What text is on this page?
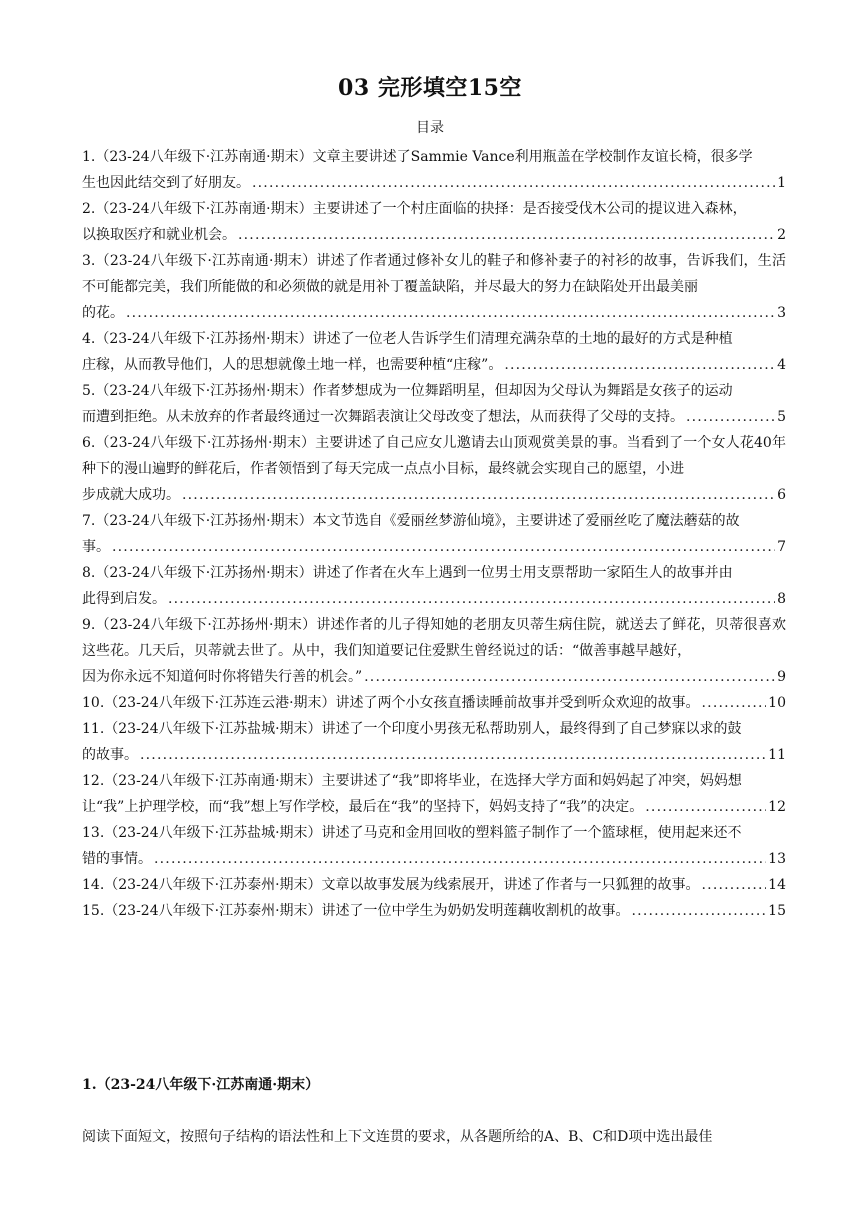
03 完形填空15空
目录
1.（23-24八年级下·江苏南通·期末）文章主要讲述了Sammie Vance利用瓶盖在学校制作友谊长椅，很多学
生也因此结交到了好朋友。 .....	1
2.（23-24八年级下·江苏南通·期末）主要讲述了一个村庄面临的抉择：是否接受伐木公司的提议进入森林，
以换取医疗和就业机会。 .....	2
3.（23-24八年级下·江苏南通·期末）讲述了作者通过修补女儿的鞋子和修补妻子的衬衫的故事，告诉我们，生活不可能都完美，我们所能做的和必须做的就是用补丁覆盖缺陷，并尽最大的努力在缺陷处开出最美丽
的花。 .....	3
4.（23-24八年级下·江苏扬州·期末）讲述了一位老人告诉学生们清理充满杂草的土地的最好的方式是种植
庄稼，从而教导他们，人的思想就像土地一样，也需要种植“庄稼”。 .....	4
5.（23-24八年级下·江苏扬州·期末）作者梦想成为一位舞蹈明星，但却因为父母认为舞蹈是女孩子的运动
而遭到拒绝。从未放弃的作者最终通过一次舞蹈表演让父母改变了想法，从而获得了父母的支持。 .....	5
6.（23-24八年级下·江苏扬州·期末）主要讲述了自己应女儿邀请去山顶观赏美景的事。当看到了一个女人花40年种下的漫山遍野的鲜花后，作者领悟到了每天完成一点点小目标，最终就会实现自己的愿望，小进
步成就大成功。 .....	6
7.（23-24八年级下·江苏扬州·期末）本文节选自《爱丽丝梦游仙境》，主要讲述了爱丽丝吃了魔法蘑菇的故
事。 .....	7
8.（23-24八年级下·江苏扬州·期末）讲述了作者在火车上遇到一位男士用支票帮助一家陌生人的故事并由
此得到启发。 .....	8
9.（23-24八年级下·江苏扬州·期末）讲述作者的儿子得知她的老朋友贝蒂生病住院，就送去了鲜花，贝蒂很喜欢这些花。几天后，贝蒂就去世了。从中，我们知道要记住爱默生曾经说过的话：“做善事越早越好，
因为你永远不知道何时你将错失行善的机会。” .....	9
10.（23-24八年级下·江苏连云港·期末）讲述了两个小女孩直播读睡前故事并受到听众欢迎的故事。 .....	10
11.（23-24八年级下·江苏盐城·期末）讲述了一个印度小男孩无私帮助别人，最终得到了自己梦寐以求的鼓
的故事。 .....	11
12.（23-24八年级下·江苏南通·期末）主要讲述了“我”即将毕业，在选择大学方面和妈妈起了冲突，妈妈想
让“我”上护理学校，而“我”想上写作学校，最后在“我”的坚持下，妈妈支持了“我”的决定。 .....	12
13.（23-24八年级下·江苏盐城·期末）讲述了马克和金用回收的塑料篮子制作了一个篮球框，使用起来还不
错的事情。 .....	13
14.（23-24八年级下·江苏泰州·期末）文章以故事发展为线索展开，讲述了作者与一只狐狸的故事。 .....	14
15.（23-24八年级下·江苏泰州·期末）讲述了一位中学生为奶奶发明莲藕收割机的故事。 .....	15
1.（23-24八年级下·江苏南通·期末）
阅读下面短文，按照句子结构的语法性和上下文连贯的要求，从各题所给的A、B、C和D项中选出最佳
